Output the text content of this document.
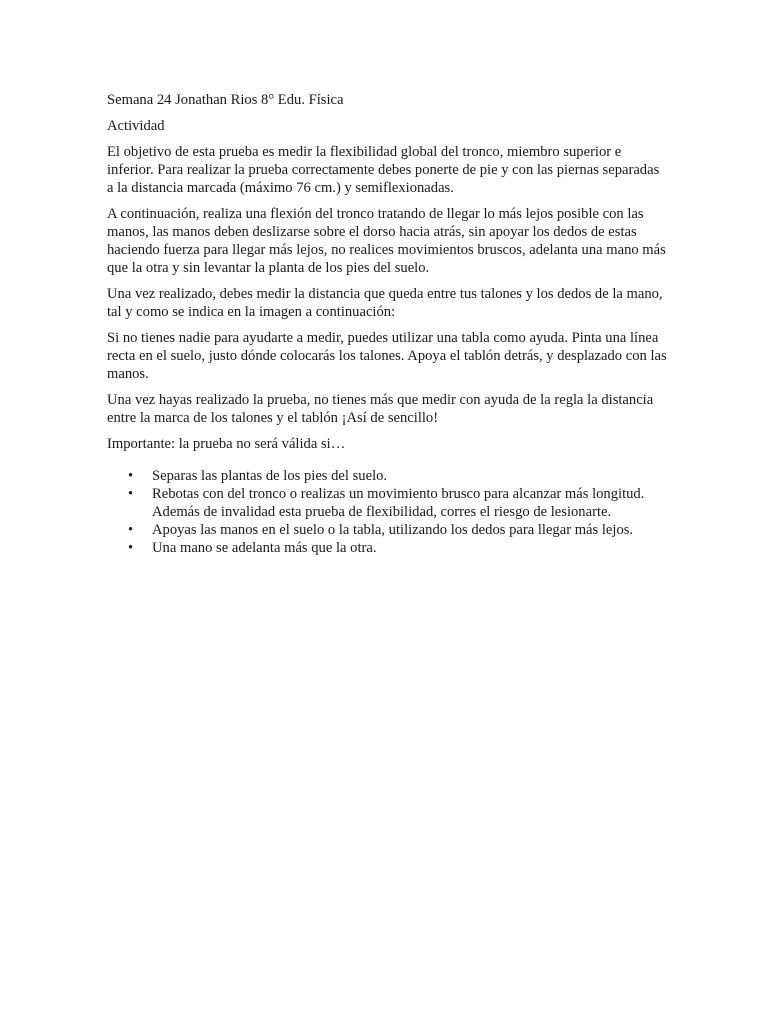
Semana 24 Jonathan Rios 8° Edu. Física

Actividad

El objetivo de esta prueba es medir la flexibilidad global del tronco, miembro superior e inferior. Para realizar la prueba correctamente debes ponerte de pie y con las piernas separadas a la distancia marcada (máximo 76 cm.) y semiflexionadas.

A continuación, realiza una flexión del tronco tratando de llegar lo más lejos posible con las manos, las manos deben deslizarse sobre el dorso hacia atrás, sin apoyar los dedos de estas haciendo fuerza para llegar más lejos, no realices movimientos bruscos, adelanta una mano más que la otra y sin levantar la planta de los pies del suelo.

Una vez realizado, debes medir la distancia que queda entre tus talones y los dedos de la mano, tal y como se indica en la imagen a continuación:

Si no tienes nadie para ayudarte a medir, puedes utilizar una tabla como ayuda. Pinta una línea recta en el suelo, justo dónde colocarás los talones. Apoya el tablón detrás, y desplazado con las manos.

Una vez hayas realizado la prueba, no tienes más que medir con ayuda de la regla la distancia entre la marca de los talones y el tablón ¡Así de sencillo!

Importante: la prueba no será válida si…

• Separas las plantas de los pies del suelo.
• Rebotas con del tronco o realizas un movimiento brusco para alcanzar más longitud. Además de invalidad esta prueba de flexibilidad, corres el riesgo de lesionarte.
• Apoyas las manos en el suelo o la tabla, utilizando los dedos para llegar más lejos.
• Una mano se adelanta más que la otra.
